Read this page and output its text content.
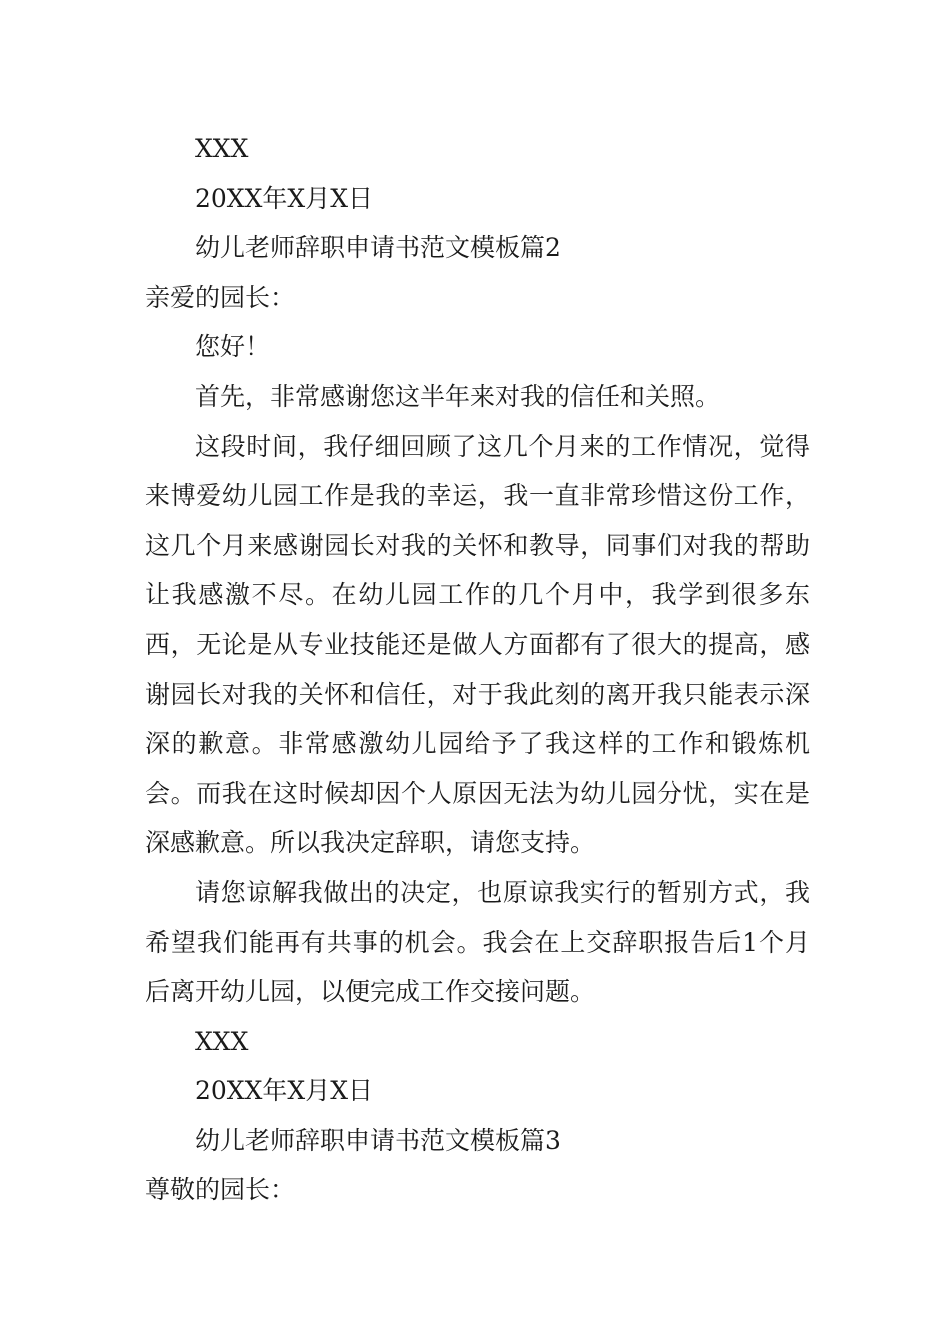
XXX
20XX年X月X日
幼儿老师辞职申请书范文模板篇2
亲爱的园长：
您好！
首先，非常感谢您这半年来对我的信任和关照。

这段时间，我仔细回顾了这几个月来的工作情况，觉得来博爱幼儿园工作是我的幸运，我一直非常珍惜这份工作，这几个月来感谢园长对我的关怀和教导，同事们对我的帮助让我感激不尽。在幼儿园工作的几个月中，我学到很多东西，无论是从专业技能还是做人方面都有了很大的提高，感谢园长对我的关怀和信任，对于我此刻的离开我只能表示深深的歉意。非常感激幼儿园给予了我这样的工作和锻炼机会。而我在这时候却因个人原因无法为幼儿园分忧，实在是深感歉意。所以我决定辞职，请您支持。

请您谅解我做出的决定，也原谅我实行的暂别方式，我希望我们能再有共事的机会。我会在上交辞职报告后1个月后离开幼儿园，以便完成工作交接问题。

XXX
20XX年X月X日
幼儿老师辞职申请书范文模板篇3
尊敬的园长：
